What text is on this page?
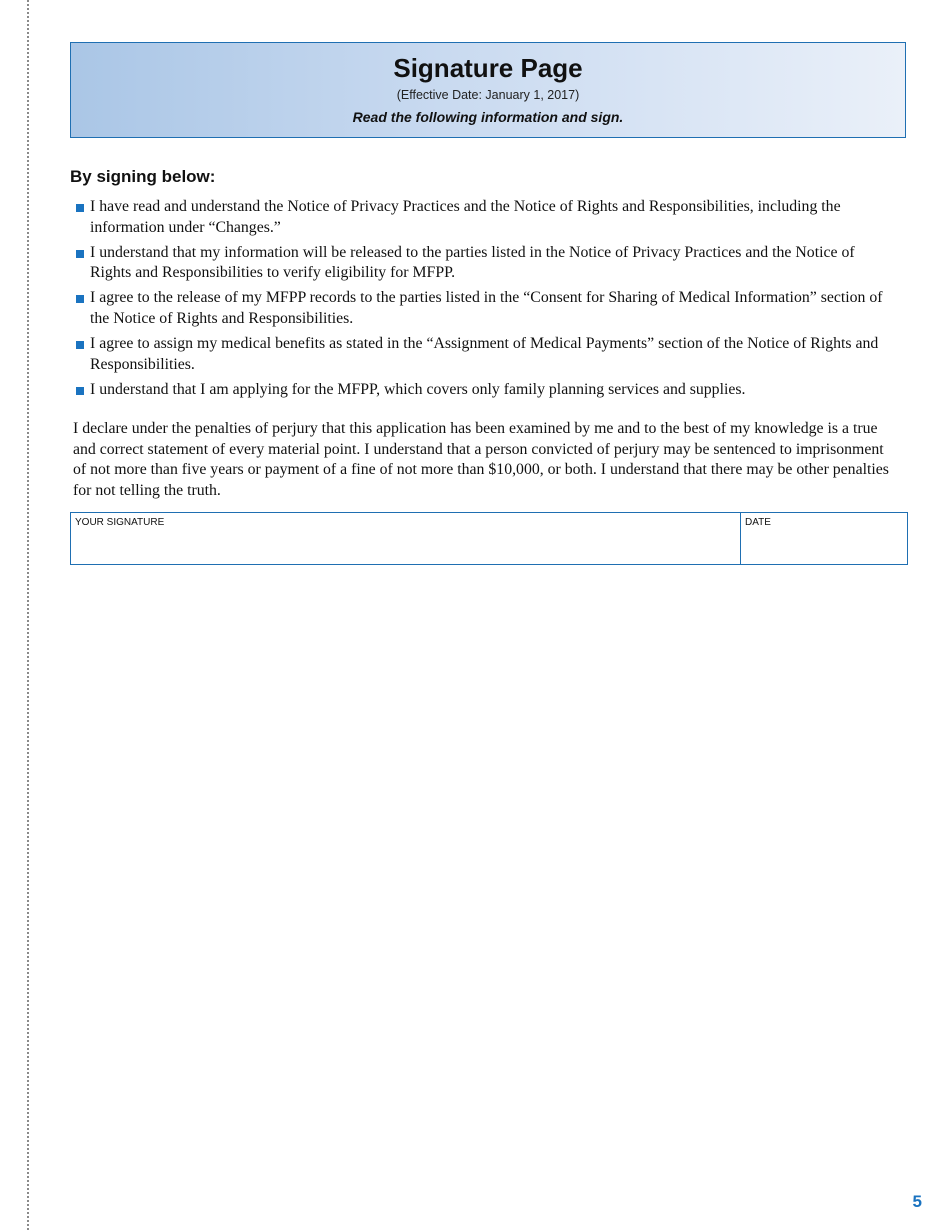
Signature Page
(Effective Date: January 1, 2017)
Read the following information and sign.
By signing below:
I have read and understand the Notice of Privacy Practices and the Notice of Rights and Responsibilities, including the information under “Changes.”
I understand that my information will be released to the parties listed in the Notice of Privacy Practices and the Notice of Rights and Responsibilities to verify eligibility for MFPP.
I agree to the release of my MFPP records to the parties listed in the “Consent for Sharing of Medical Information” section of the Notice of Rights and Responsibilities.
I agree to assign my medical benefits as stated in the “Assignment of Medical Payments” section of the Notice of Rights and Responsibilities.
I understand that I am applying for the MFPP, which covers only family planning services and supplies.

I declare under the penalties of perjury that this application has been examined by me and to the best of my knowledge is a true and correct statement of every material point. I understand that a person convicted of perjury may be sentenced to imprisonment of not more than five years or payment of a fine of not more than $10,000, or both. I understand that there may be other penalties for not telling the truth.

YOUR SIGNATURE	DATE
5
